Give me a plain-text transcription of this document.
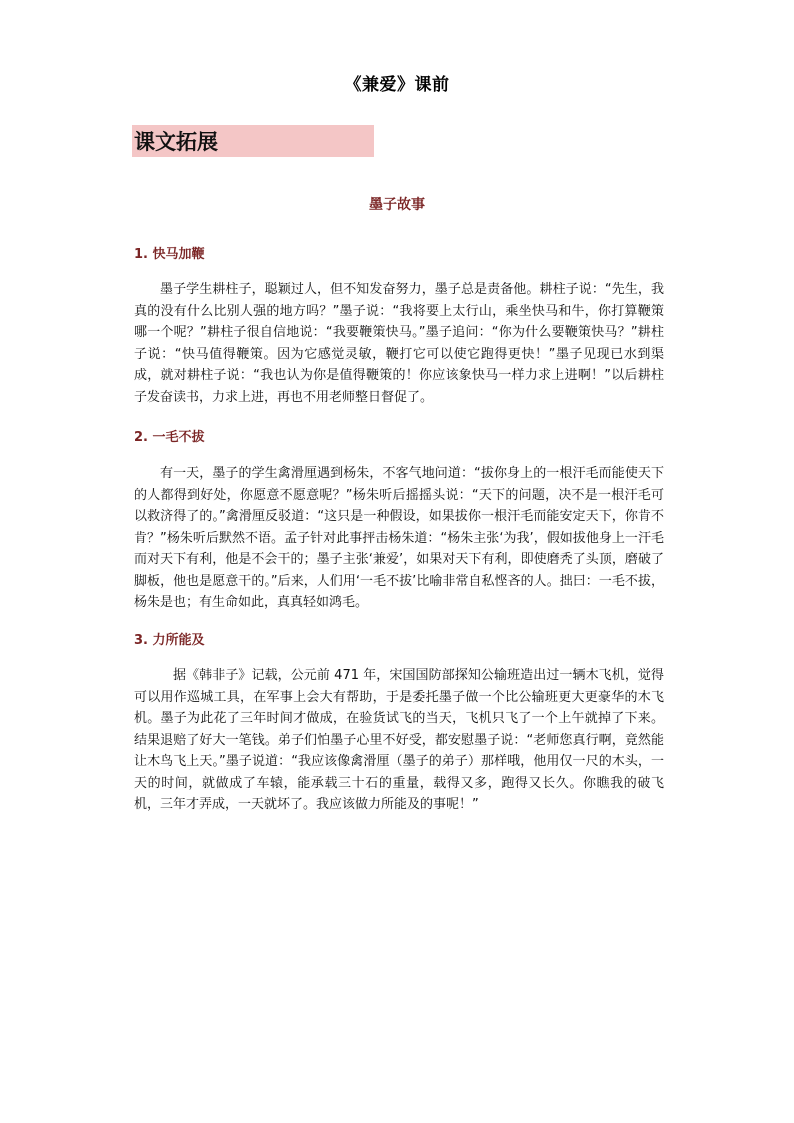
《兼爱》课前
课文拓展
墨子故事
1. 快马加鞭

墨子学生耕柱子，聪颖过人，但不知发奋努力，墨子总是责备他。耕柱子说：“先生，我真的没有什么比别人强的地方吗？”墨子说：“我将要上太行山，乘坐快马和牛，你打算鞭策哪一个呢？”耕柱子很自信地说：“我要鞭策快马。”墨子追问：“你为什么要鞭策快马？”耕柱子说：“快马值得鞭策。因为它感觉灵敏，鞭打它可以使它跑得更快！”墨子见现已水到渠成，就对耕柱子说：“我也认为你是值得鞭策的！你应该象快马一样力求上进啊！”以后耕柱子发奋读书，力求上进，再也不用老师整日督促了。

2. 一毛不拔

有一天，墨子的学生禽滑厘遇到杨朱，不客气地问道：“拔你身上的一根汗毛而能使天下的人都得到好处，你愿意不愿意呢？”杨朱听后摇摇头说：“天下的问题，决不是一根汗毛可以救济得了的。”禽滑厘反驳道：“这只是一种假设，如果拔你一根汗毛而能安定天下，你肯不肯？”杨朱听后默然不语。孟子针对此事抨击杨朱道：“杨朱主张‘为我’，假如拔他身上一汗毛而对天下有利，他是不会干的；墨子主张‘兼爱’，如果对天下有利，即使磨秃了头顶，磨破了脚板，他也是愿意干的。”后来，人们用‘一毛不拔’比喻非常自私悭吝的人。拙曰：一毛不拔，杨朱是也；有生命如此，真真轻如鸿毛。

3. 力所能及

据《韩非子》记载，公元前 471 年，宋国国防部探知公输班造出过一辆木飞机，觉得可以用作巡城工具，在军事上会大有帮助，于是委托墨子做一个比公输班更大更豪华的木飞机。墨子为此花了三年时间才做成，在验货试飞的当天，飞机只飞了一个上午就掉了下来。结果退赔了好大一笔钱。弟子们怕墨子心里不好受，都安慰墨子说：“老师您真行啊，竟然能让木鸟飞上天。”墨子说道：“我应该像禽滑厘（墨子的弟子）那样哦，他用仅一尺的木头，一天的时间，就做成了车辕，能承载三十石的重量，载得又多，跑得又长久。你瞧我的破飞机，三年才弄成，一天就坏了。我应该做力所能及的事呢！”
